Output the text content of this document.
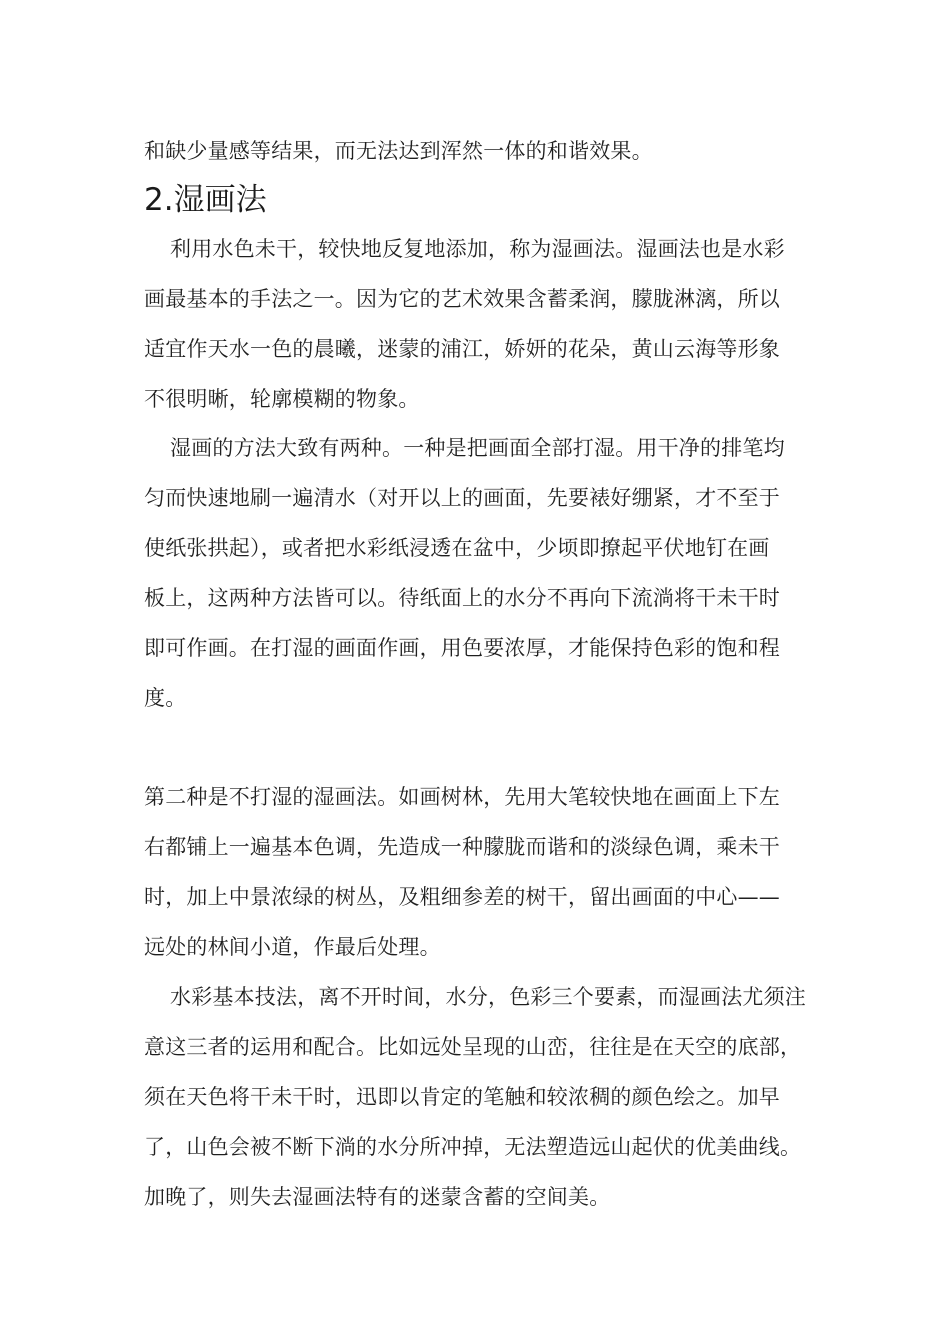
和缺少量感等结果，而无法达到浑然一体的和谐效果。
2.湿画法
利用水色未干，较快地反复地添加，称为湿画法。湿画法也是水彩
画最基本的手法之一。因为它的艺术效果含蓄柔润，朦胧淋漓，所以
适宜作天水一色的晨曦，迷蒙的浦江，娇妍的花朵，黄山云海等形象
不很明晰，轮廓模糊的物象。
湿画的方法大致有两种。一种是把画面全部打湿。用干净的排笔均
匀而快速地刷一遍清水（对开以上的画面，先要裱好绷紧，才不至于
使纸张拱起），或者把水彩纸浸透在盆中，少顷即撩起平伏地钉在画
板上，这两种方法皆可以。待纸面上的水分不再向下流淌将干未干时
即可作画。在打湿的画面作画，用色要浓厚，才能保持色彩的饱和程
度。
第二种是不打湿的湿画法。如画树林，先用大笔较快地在画面上下左
右都铺上一遍基本色调，先造成一种朦胧而谐和的淡绿色调，乘未干
时，加上中景浓绿的树丛，及粗细参差的树干，留出画面的中心——
远处的林间小道，作最后处理。
水彩基本技法，离不开时间，水分，色彩三个要素，而湿画法尤须注
意这三者的运用和配合。比如远处呈现的山峦，往往是在天空的底部，
须在天色将干未干时，迅即以肯定的笔触和较浓稠的颜色绘之。加早
了，山色会被不断下淌的水分所冲掉，无法塑造远山起伏的优美曲线。
加晚了，则失去湿画法特有的迷蒙含蓄的空间美。
